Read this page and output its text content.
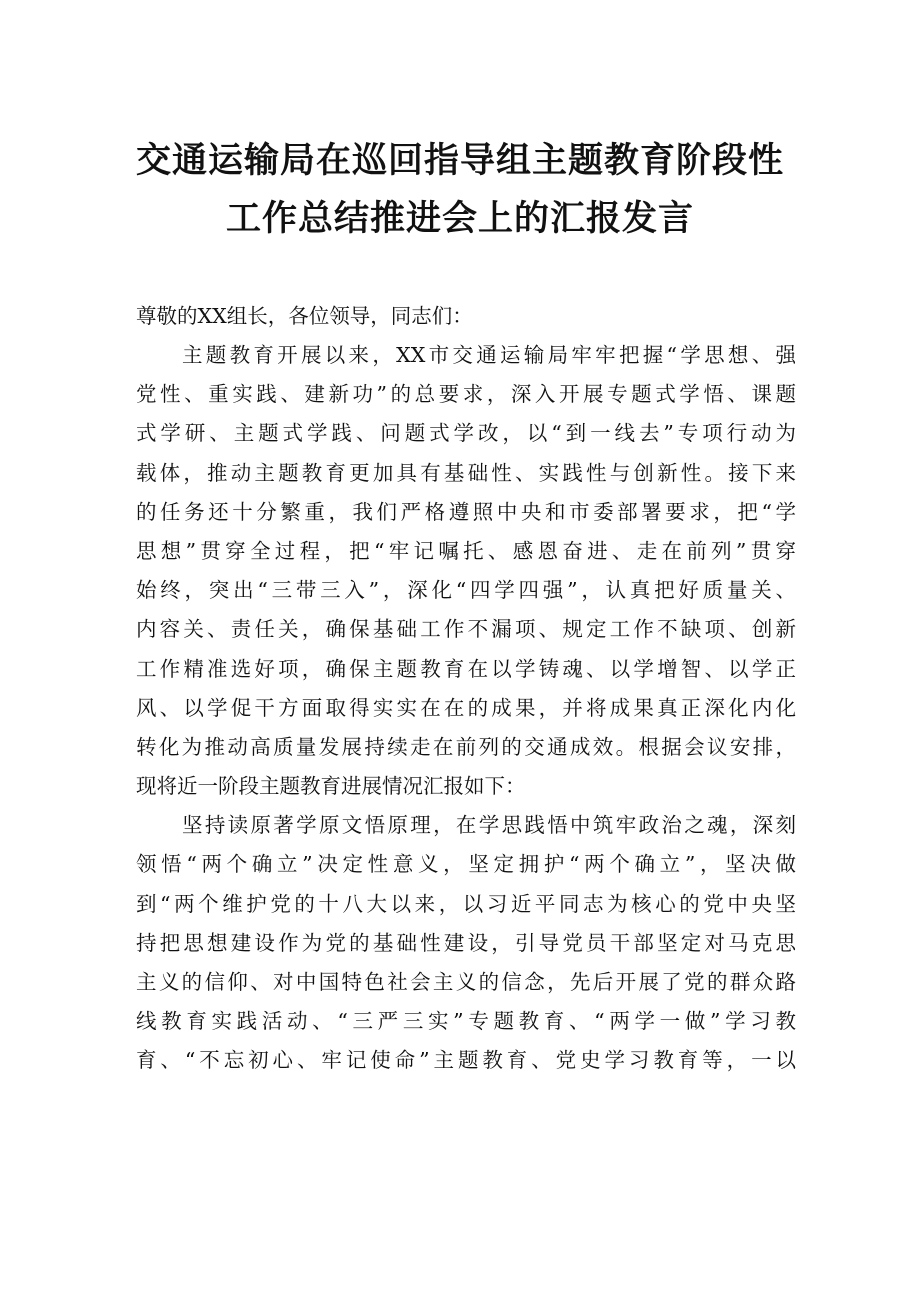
交通运输局在巡回指导组主题教育阶段性
工作总结推进会上的汇报发言

尊敬的XX组长，各位领导，同志们：

主题教育开展以来，XX市交通运输局牢牢把握“学思想、强
党性、重实践、建新功”的总要求，深入开展专题式学悟、课题
式学研、主题式学践、问题式学改，以“到一线去”专项行动为
载体，推动主题教育更加具有基础性、实践性与创新性。接下来
的任务还十分繁重，我们严格遵照中央和市委部署要求，把“学
思想”贯穿全过程，把“牢记嘱托、感恩奋进、走在前列”贯穿
始终，突出“三带三入”，深化“四学四强”，认真把好质量关、
内容关、责任关，确保基础工作不漏项、规定工作不缺项、创新
工作精准选好项，确保主题教育在以学铸魂、以学增智、以学正
风、以学促干方面取得实实在在的成果，并将成果真正深化内化
转化为推动高质量发展持续走在前列的交通成效。根据会议安排，
现将近一阶段主题教育进展情况汇报如下：
坚持读原著学原文悟原理，在学思践悟中筑牢政治之魂，深刻
领悟“两个确立”决定性意义，坚定拥护“两个确立”，坚决做
到“两个维护党的十八大以来，以习近平同志为核心的党中央坚
持把思想建设作为党的基础性建设，引导党员干部坚定对马克思
主义的信仰、对中国特色社会主义的信念，先后开展了党的群众路
线教育实践活动、“三严三实”专题教育、“两学一做”学习教
育、“不忘初心、牢记使命”主题教育、党史学习教育等，一以
